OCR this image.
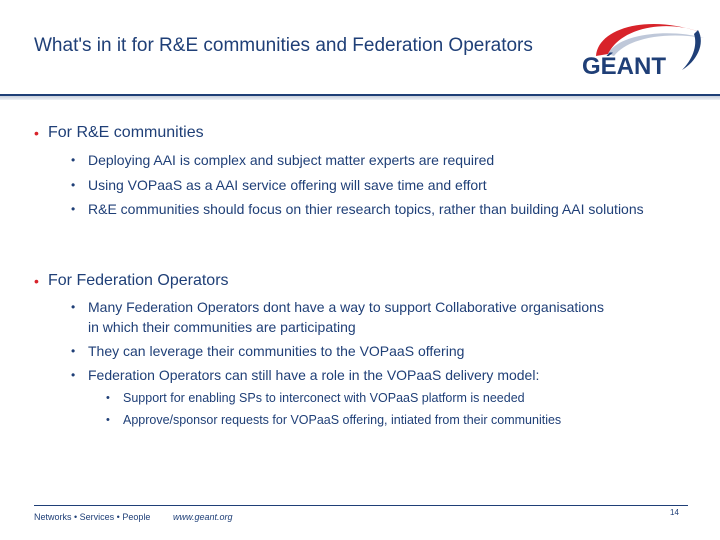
What's in it for R&E communities and Federation Operators
GÉANT
• For R&E communities
• Deploying AAI is complex and subject matter experts are required
• Using VOPaaS as a AAI service offering will save time and effort
• R&E communities should focus on thier research topics, rather than building AAI solutions
• For Federation Operators
• Many Federation Operators dont have a way to support Collaborative organisations in which their communities are participating
• They can leverage their communities to the VOPaaS offering
• Federation Operators can still have a role in the VOPaaS delivery model:
• Support for enabling SPs to interconect with VOPaaS platform is needed
• Approve/sponsor requests for VOPaaS offering, intiated from their communities
Networks • Services • People	www.geant.org	14
